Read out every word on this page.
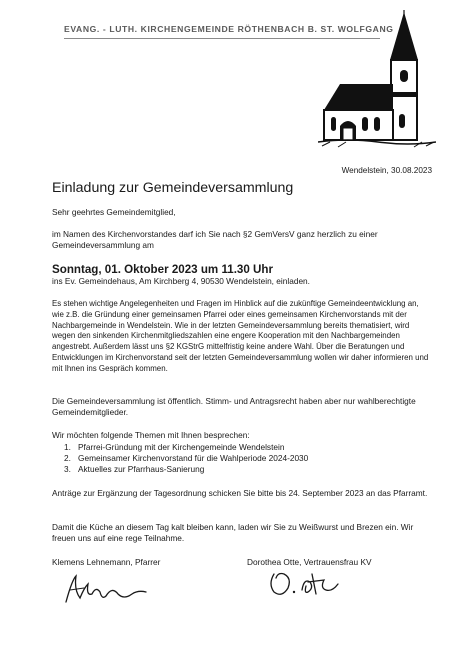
EVANG. - LUTH. KIRCHENGEMEINDE RÖTHENBACH B. ST. WOLFGANG
Wendelstein, 30.08.2023
Einladung zur Gemeindeversammlung

Sehr geehrtes Gemeindemitglied,

im Namen des Kirchenvorstandes darf ich Sie nach §2 GemVersV ganz herzlich zu einer Gemeindeversammlung am

Sonntag, 01. Oktober 2023 um 11.30 Uhr

ins Ev. Gemeindehaus, Am Kirchberg 4, 90530 Wendelstein, einladen.

Es stehen wichtige Angelegenheiten und Fragen im Hinblick auf die zukünftige Gemeindeentwicklung an, wie z.B. die Gründung einer gemeinsamen Pfarrei oder eines gemeinsamen Kirchenvorstands mit der Nachbargemeinde in Wendelstein. Wie in der letzten Gemeindeversammlung bereits thematisiert, wird wegen den sinkenden Kirchenmitgliedszahlen eine engere Kooperation mit den Nachbargemeinden angestrebt. Außerdem lässt uns §2 KGStrG mittelfristig keine andere Wahl. Über die Beratungen und Entwicklungen im Kirchenvorstand seit der letzten Gemeindeversammlung wollen wir daher informieren und mit Ihnen ins Gespräch kommen.

Die Gemeindeversammlung ist öffentlich. Stimm- und Antragsrecht haben aber nur wahlberechtigte Gemeindemitglieder.

Wir möchten folgende Themen mit Ihnen besprechen:

1. Pfarrei-Gründung mit der Kirchengemeinde Wendelstein
2. Gemeinsamer Kirchenvorstand für die Wahlperiode 2024-2030
3. Aktuelles zur Pfarrhaus-Sanierung

Anträge zur Ergänzung der Tagesordnung schicken Sie bitte bis 24. September 2023 an das Pfarramt.

Damit die Küche an diesem Tag kalt bleiben kann, laden wir Sie zu Weißwurst und Brezen ein. Wir freuen uns auf eine rege Teilnahme.

Klemens Lehnemann, Pfarrer	Dorothea Otte, Vertrauensfrau KV
